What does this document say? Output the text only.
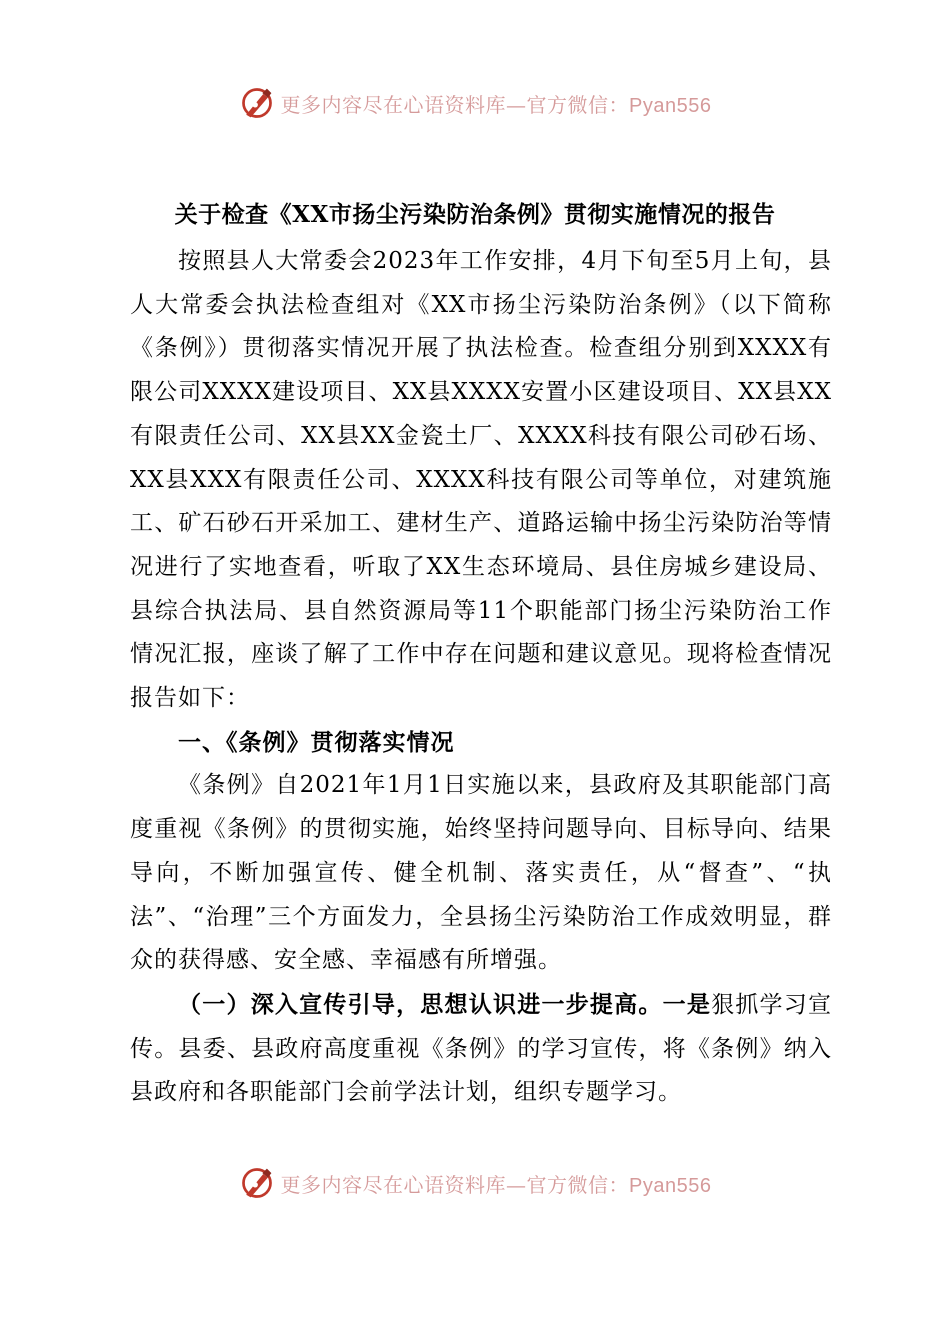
更多内容尽在心语资料库—官方微信：Pyan556
关于检查《XX市扬尘污染防治条例》贯彻实施情况的报告

按照县人大常委会2023年工作安排，4月下旬至5月上旬，县人大常委会执法检查组对《XX市扬尘污染防治条例》（以下简称《条例》）贯彻落实情况开展了执法检查。检查组分别到XXXX有限公司XXXX建设项目、XX县XXXX安置小区建设项目、XX县XX有限责任公司、XX县XX金瓷土厂、XXXX科技有限公司砂石场、XX县XXX有限责任公司、XXXX科技有限公司等单位，对建筑施工、矿石砂石开采加工、建材生产、道路运输中扬尘污染防治等情况进行了实地查看，听取了XX生态环境局、县住房城乡建设局、县综合执法局、县自然资源局等11个职能部门扬尘污染防治工作情况汇报，座谈了解了工作中存在问题和建议意见。现将检查情况报告如下：

一、《条例》贯彻落实情况

《条例》自2021年1月1日实施以来，县政府及其职能部门高度重视《条例》的贯彻实施，始终坚持问题导向、目标导向、结果导向，不断加强宣传、健全机制、落实责任，从“督查”、“执法”、“治理”三个方面发力，全县扬尘污染防治工作成效明显，群众的获得感、安全感、幸福感有所增强。

（一）深入宣传引导，思想认识进一步提高。一是狠抓学习宣传。县委、县政府高度重视《条例》的学习宣传，将《条例》纳入县政府和各职能部门会前学法计划，组织专题学习。

更多内容尽在心语资料库—官方微信：Pyan556
